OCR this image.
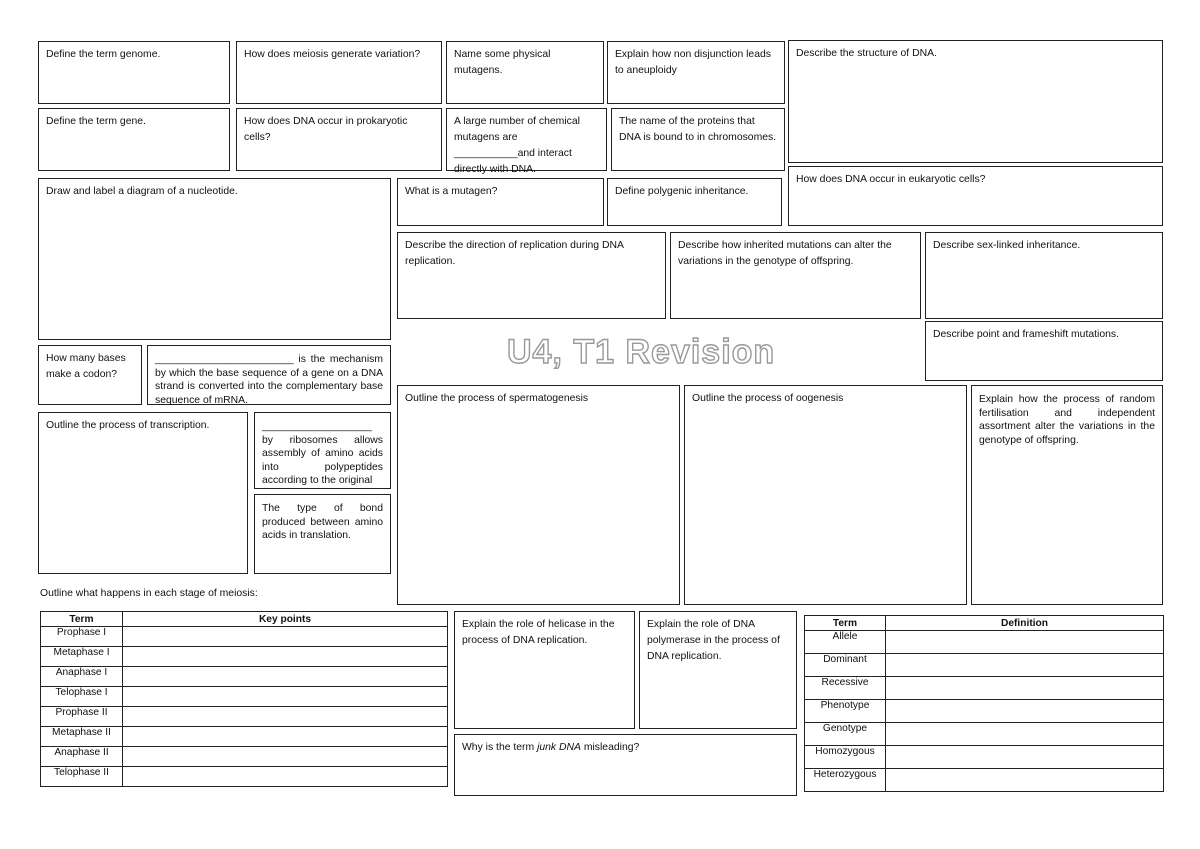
Define the term genome.	How does meiosis generate variation?	Name some physical mutagens.
Explain how non disjunction leads to aneuploidy
Describe the structure of DNA.
Define the term gene.	How does DNA occur in prokaryotic cells?
A large number of chemical mutagens are ___________and interact directly with DNA.
The name of the proteins that DNA is bound to in chromosomes.
How does DNA occur in eukaryotic cells?
Draw and label a diagram of a nucleotide.	What is a mutagen?	Define polygenic inheritance.
Describe the direction of replication during DNA replication.
Describe how inherited mutations can alter the variations in the genotype of offspring.
Describe sex-linked inheritance.
Describe point and frameshift mutations.
U4, T1 Revision
How many bases make a codon?
________________________ is the mechanism by which the base sequence of a gene on a DNA strand is converted into the complementary base sequence of mRNA.	Outline the process of spermatogenesis	Outline the process of oogenesis	Explain how the process of random fertilisation and independent assortment alter the variations in the genotype of offspring.
Outline the process of transcription.	___________________ by ribosomes allows assembly of amino acids into polypeptides according to the original
The type of bond produced between amino acids in translation.
Outline what happens in each stage of meiosis:
Term	Key points
Prophase I	
Metaphase I	
Anaphase I	
Telophase I	
Prophase II	
Metaphase II	
Anaphase II	
Telophase II	
Explain the role of helicase in the process of DNA replication.
Explain the role of DNA polymerase in the process of DNA replication.
Why is the term junk DNA misleading?
Term	Definition
Allele	
Dominant	
Recessive	
Phenotype	
Genotype	
Homozygous	
Heterozygous	
